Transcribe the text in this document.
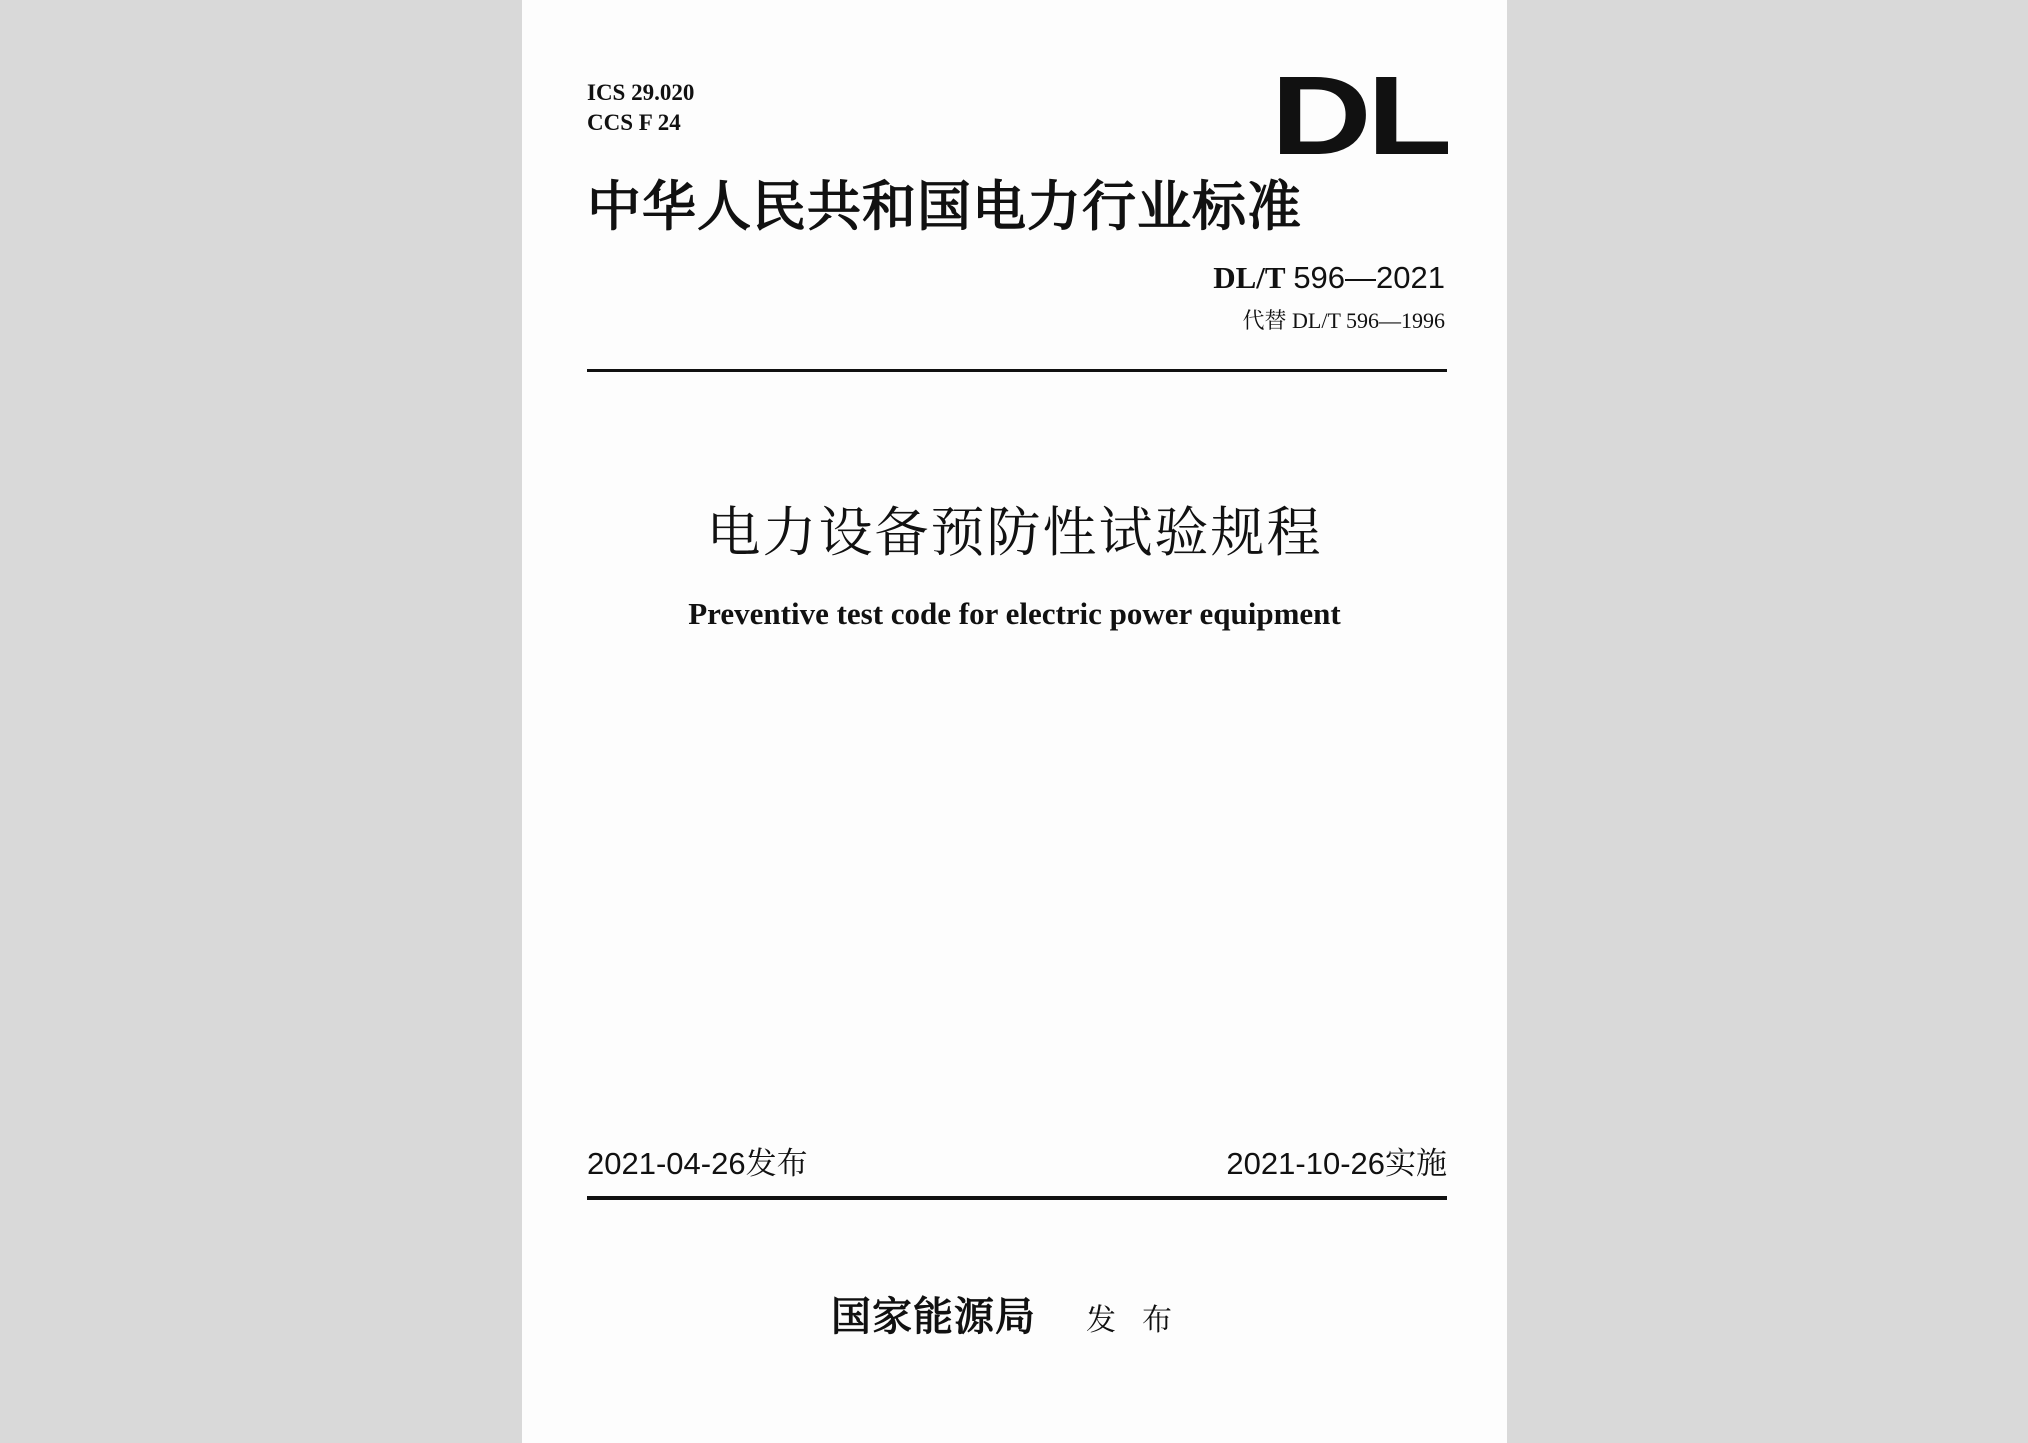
ICS 29.020
CCS F 24	DL
中华人民共和国电力行业标准
DL/T 596—2021
代替 DL/T 596—1996
电力设备预防性试验规程
Preventive test code for electric power equipment
2021-04-26发布	2021-10-26实施
国家能源局 发布
